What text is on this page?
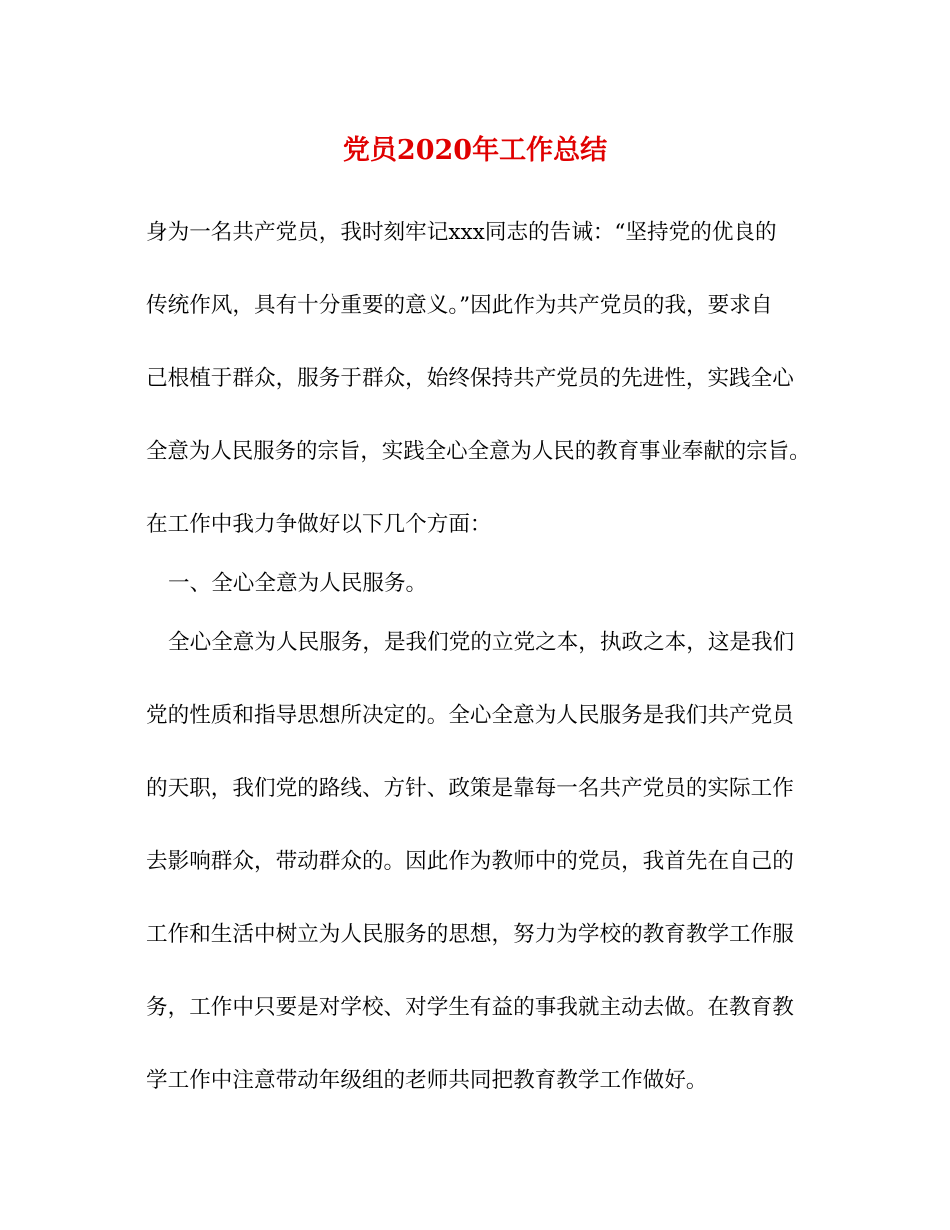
党员2020年工作总结
身为一名共产党员，我时刻牢记xxx同志的告诫：“坚持党的优良的
传统作风，具有十分重要的意义。”因此作为共产党员的我，要求自
己根植于群众，服务于群众，始终保持共产党员的先进性，实践全心
全意为人民服务的宗旨，实践全心全意为人民的教育事业奉献的宗旨。
在工作中我力争做好以下几个方面：
一、全心全意为人民服务。
全心全意为人民服务，是我们党的立党之本，执政之本，这是我们
党的性质和指导思想所决定的。全心全意为人民服务是我们共产党员
的天职，我们党的路线、方针、政策是靠每一名共产党员的实际工作
去影响群众，带动群众的。因此作为教师中的党员，我首先在自己的
工作和生活中树立为人民服务的思想，努力为学校的教育教学工作服
务，工作中只要是对学校、对学生有益的事我就主动去做。在教育教
学工作中注意带动年级组的老师共同把教育教学工作做好。
